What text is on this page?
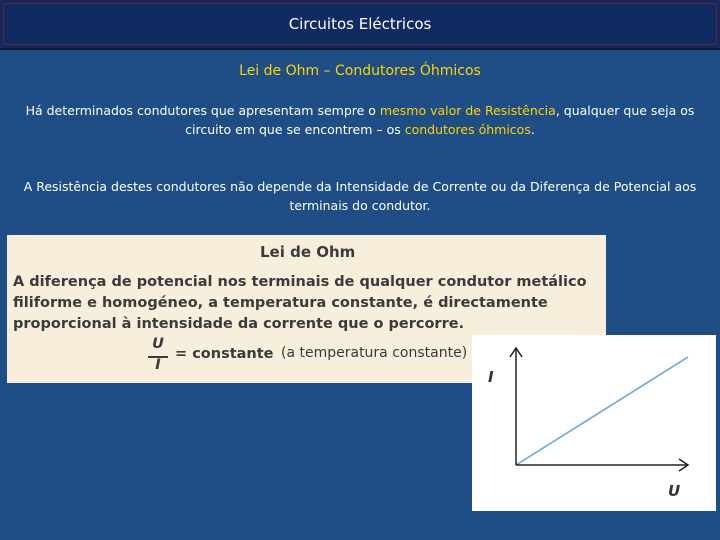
Circuitos Eléctricos
Lei de Ohm – Condutores Óhmicos
Há determinados condutores que apresentam sempre o mesmo valor de Resistência, qualquer que seja os circuito em que se encontrem – os condutores óhmicos.
A Resistência destes condutores não depende da Intensidade de Corrente ou da Diferença de Potencial aos terminais do condutor.
Lei de Ohm
A diferença de potencial nos terminais de qualquer condutor metálico filiforme e homogéneo, a temperatura constante, é directamente proporcional à intensidade da corrente que o percorre.
U
I
= constante (a temperatura constante)
I
U
